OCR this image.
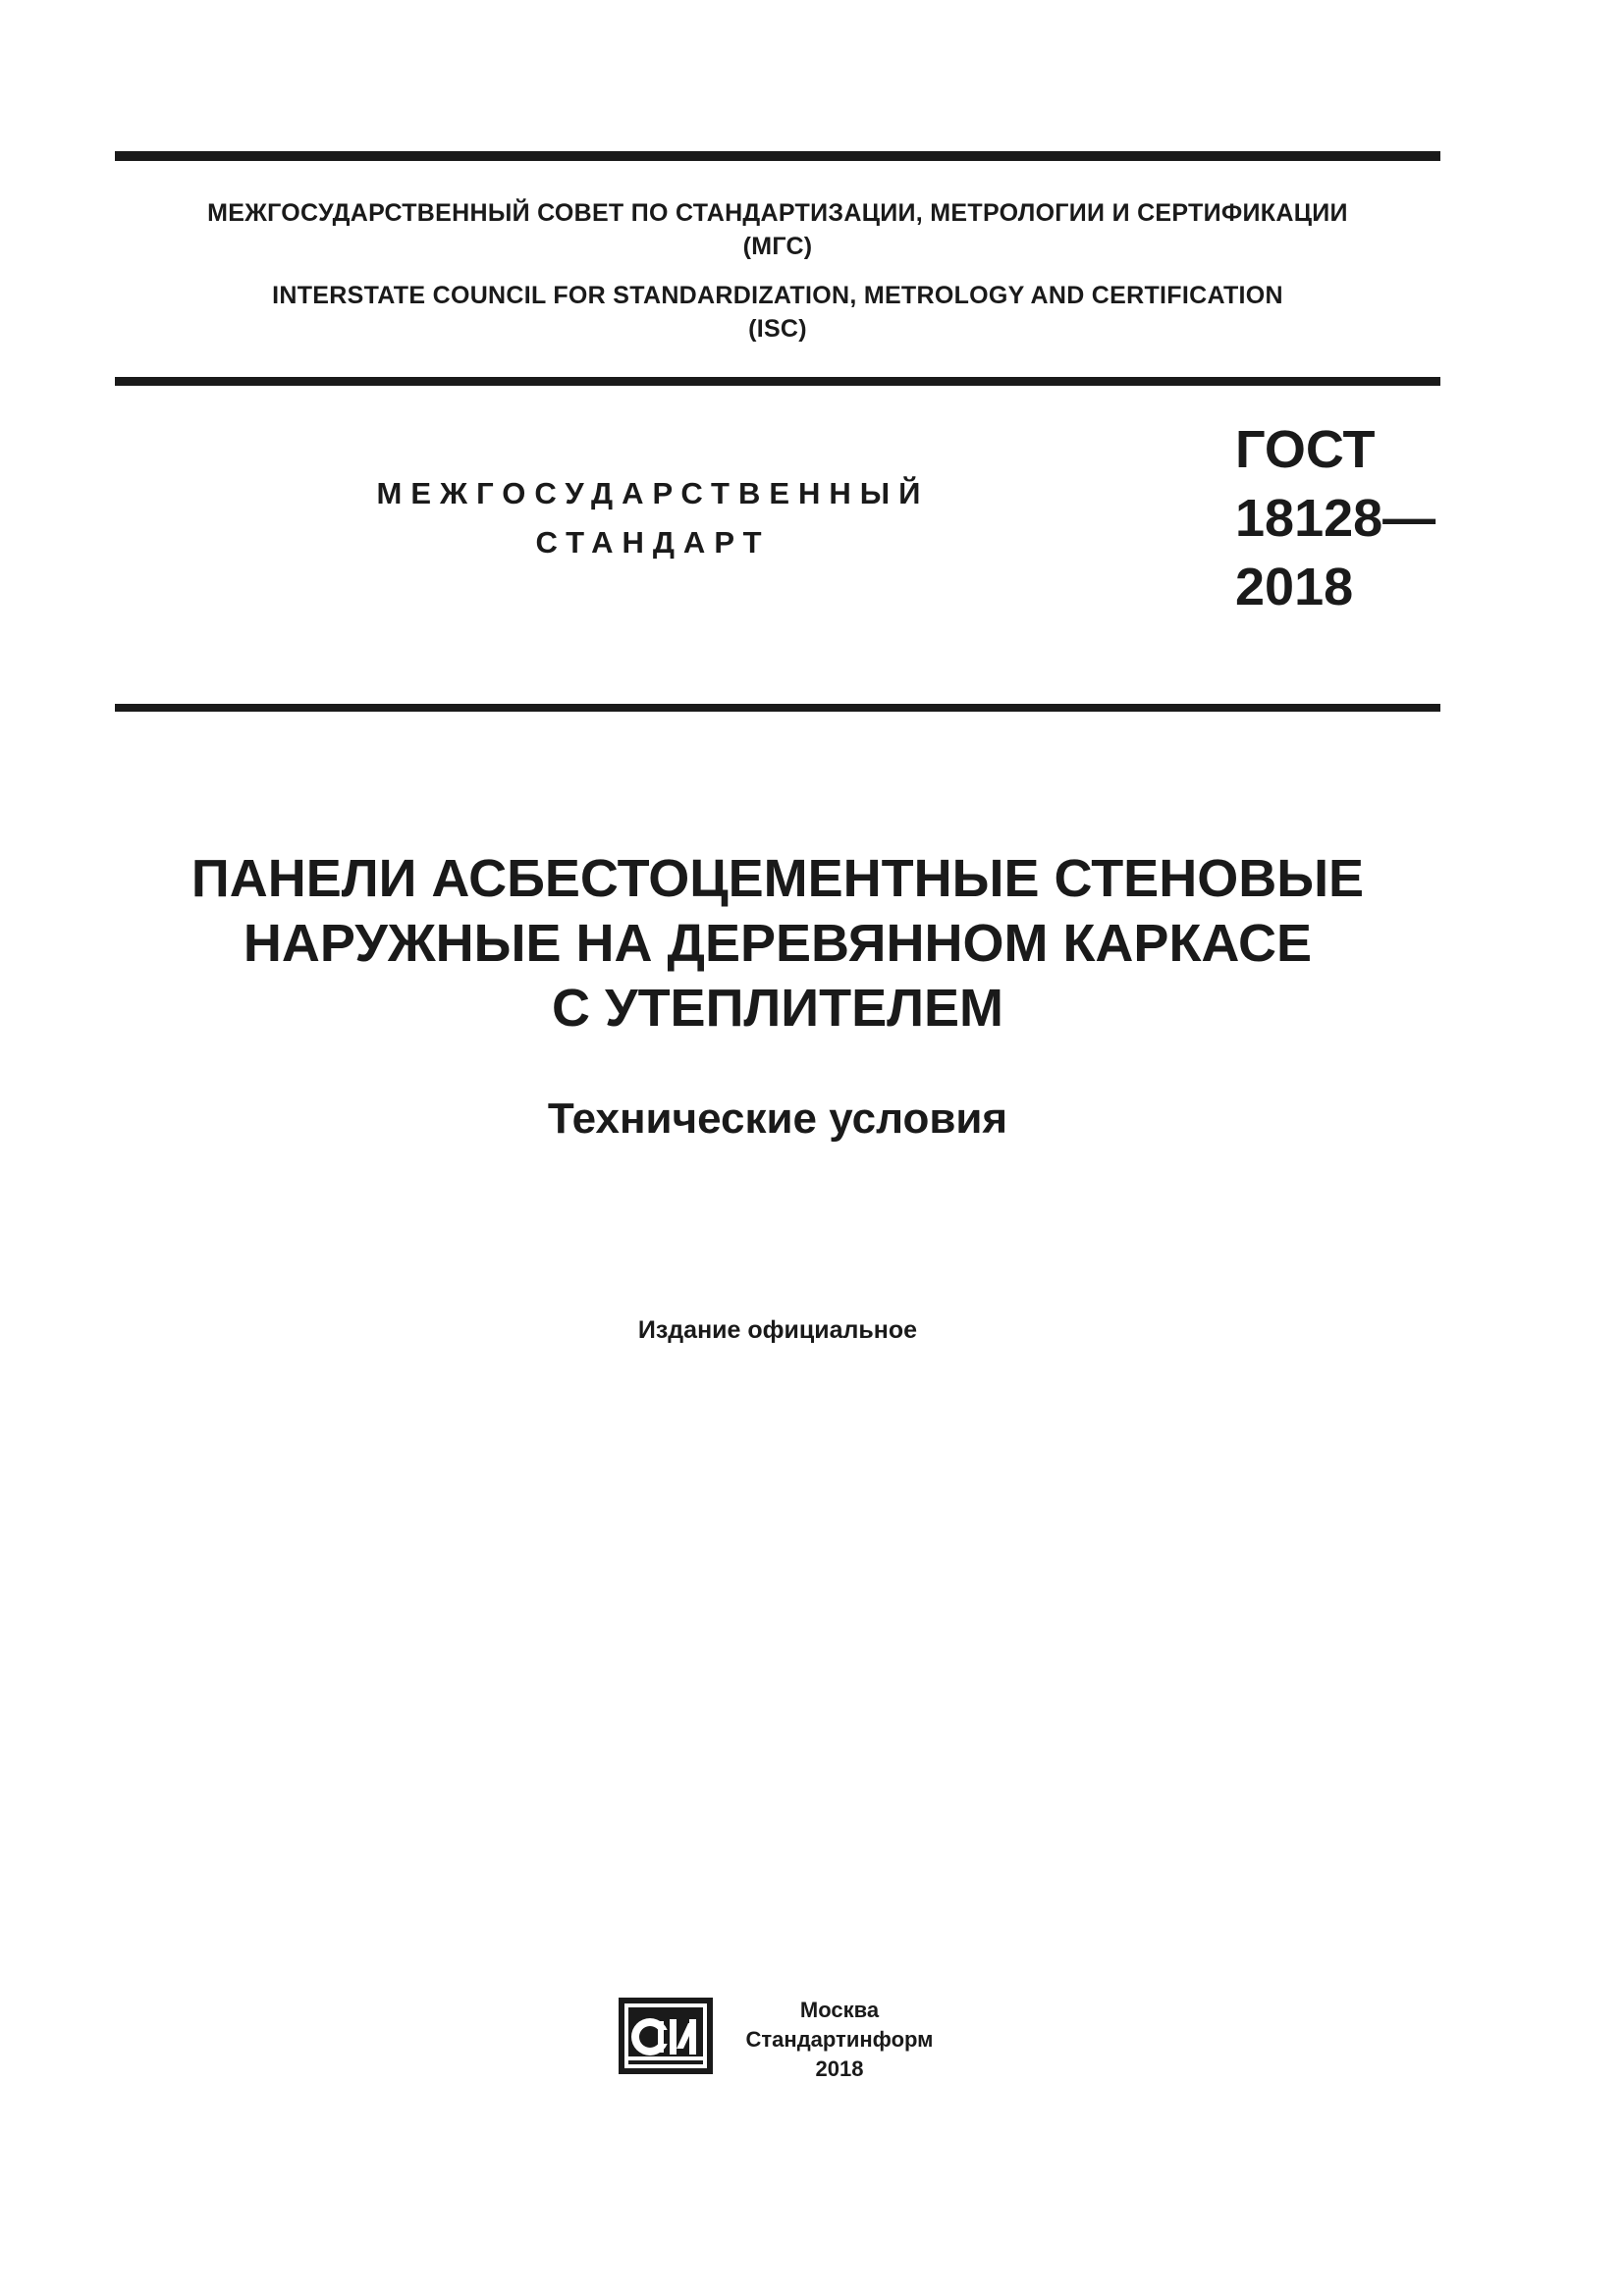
МЕЖГОСУДАРСТВЕННЫЙ СОВЕТ ПО СТАНДАРТИЗАЦИИ, МЕТРОЛОГИИ И СЕРТИФИКАЦИИ
(МГС)
INTERSTATE COUNCIL FOR STANDARDIZATION, METROLOGY AND CERTIFICATION
(ISC)
МЕЖГОСУДАРСТВЕННЫЙ
СТАНДАРТ
ГОСТ
18128—
2018
ПАНЕЛИ АСБЕСТОЦЕМЕНТНЫЕ СТЕНОВЫЕ
НАРУЖНЫЕ НА ДЕРЕВЯННОМ КАРКАСЕ
С УТЕПЛИТЕЛЕМ
Технические условия
Издание официальное
Москва
Стандартинформ
2018
